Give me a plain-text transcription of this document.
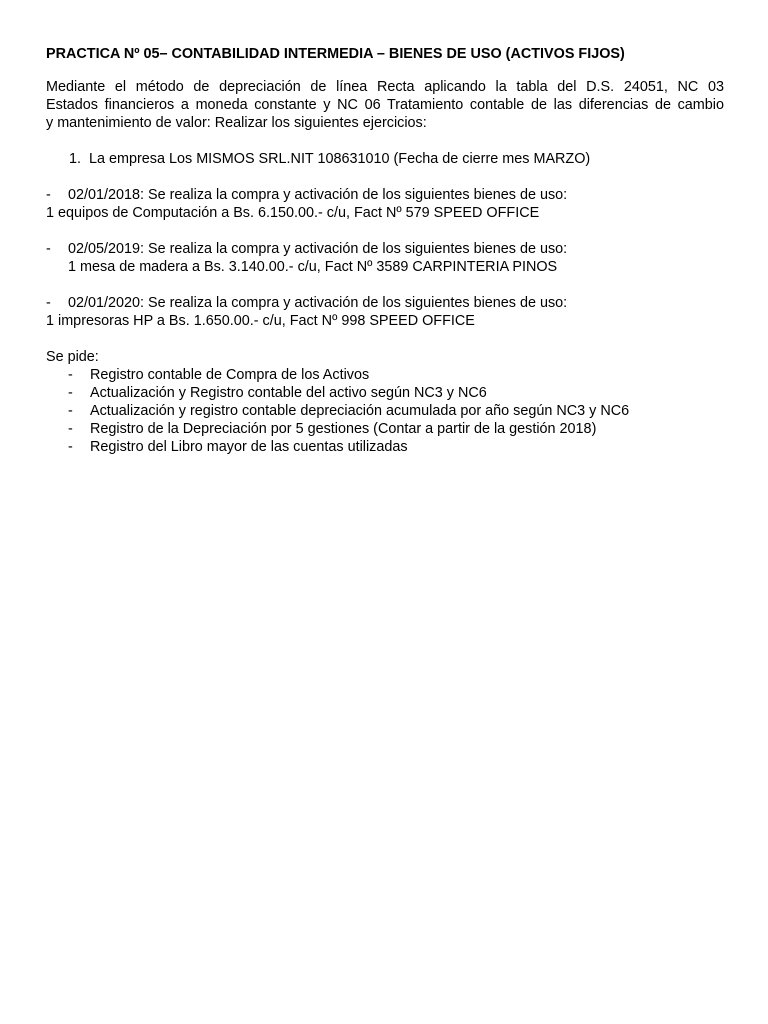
PRACTICA Nº 05– CONTABILIDAD INTERMEDIA – BIENES DE USO (ACTIVOS FIJOS)
Mediante el método de depreciación de línea Recta aplicando la tabla del D.S. 24051, NC 03
Estados financieros a moneda constante y NC 06 Tratamiento contable de las diferencias de cambio
y mantenimiento de valor: Realizar los siguientes ejercicios:
1. La empresa Los MISMOS SRL.NIT 108631010 (Fecha de cierre mes MARZO)
-	02/01/2018: Se realiza la compra y activación de los siguientes bienes de uso:
1 equipos de Computación a Bs. 6.150.00.- c/u, Fact Nº 579 SPEED OFFICE
-	02/05/2019: Se realiza la compra y activación de los siguientes bienes de uso:
1 mesa de madera a Bs. 3.140.00.- c/u, Fact Nº 3589 CARPINTERIA PINOS
-	02/01/2020: Se realiza la compra y activación de los siguientes bienes de uso:
1 impresoras HP a Bs. 1.650.00.- c/u, Fact Nº 998 SPEED OFFICE
Se pide:
-	Registro contable de Compra de los Activos
-	Actualización y Registro contable del activo según NC3 y NC6
-	Actualización y registro contable depreciación acumulada por año según NC3 y NC6
-	Registro de la Depreciación por 5 gestiones (Contar a partir de la gestión 2018)
-	Registro del Libro mayor de las cuentas utilizadas
